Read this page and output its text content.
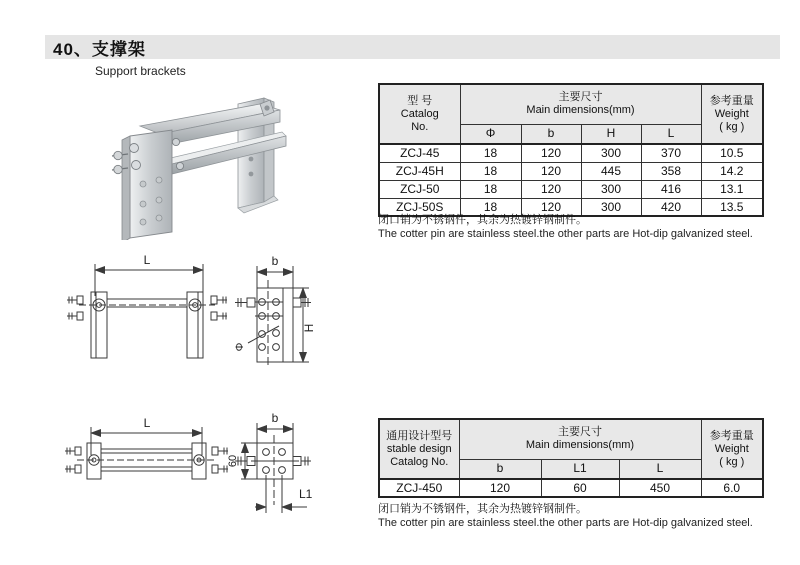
40、支撑架
Support brackets
L	b
H
Φ
L	b
60
L1
型 号
Catalog
No.

主要尺寸
Main dimensions(mm)

参考重量
Weight
( kg )

	Φ	b	H	L	
ZCJ-45	18	120	300	370	10.5
ZCJ-45H	18	120	445	358	14.2
ZCJ-50	18	120	300	416	13.1
ZCJ-50S	18	120	300	420	13.5
闭口销为不锈钢件，其余为热镀锌钢制件。
The cotter pin are stainless steel.the other parts are Hot-dip galvanized steel.
通用设计型号
stable design
Catalog No.

主要尺寸
Main dimensions(mm)

参考重量
Weight
( kg )

	b	L1	L	
ZCJ-450	120	60	450	6.0
闭口销为不锈钢件，其余为热镀锌钢制件。
The cotter pin are stainless steel.the other parts are Hot-dip galvanized steel.
